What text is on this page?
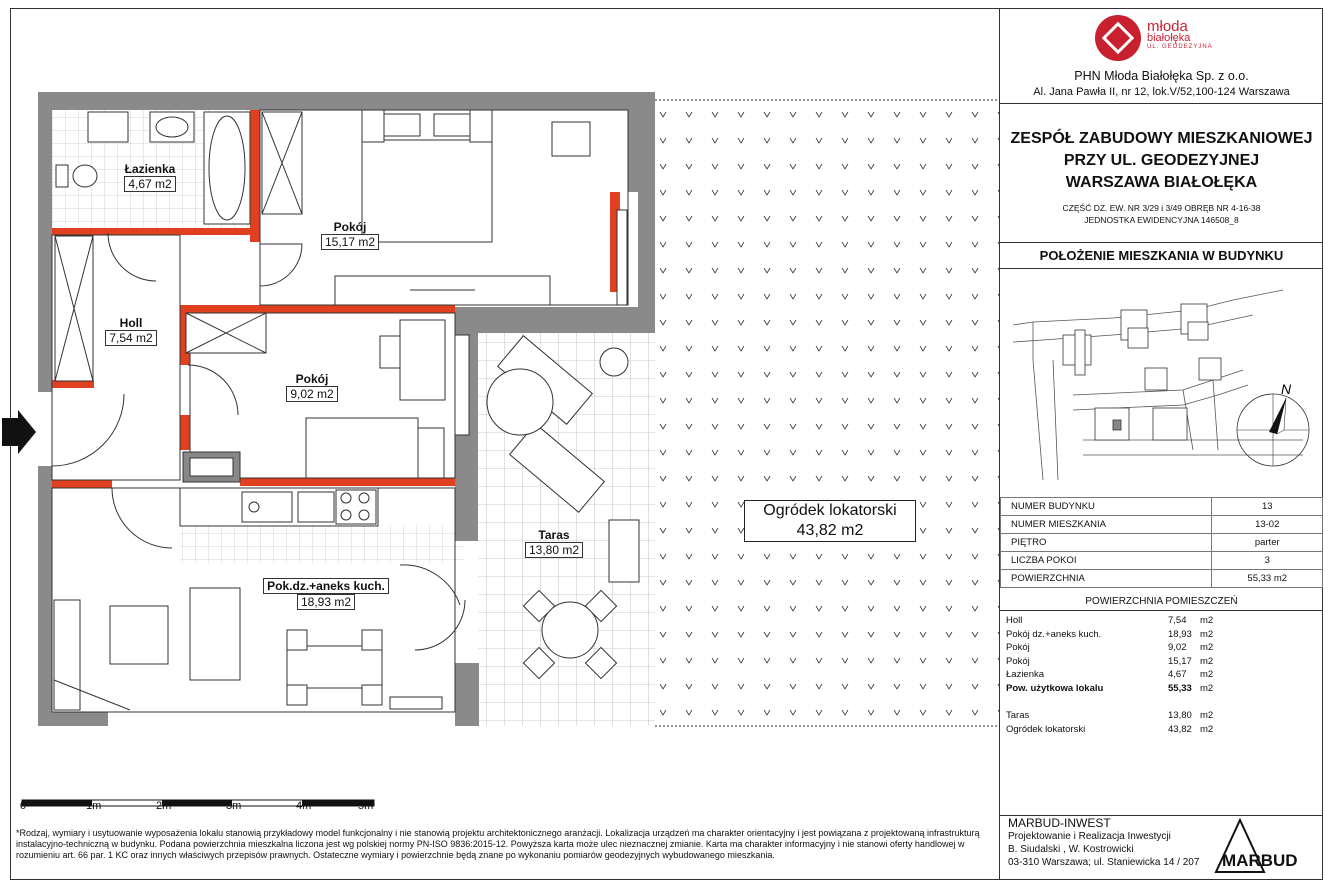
Łazienka
4,67 m2
Pokój
15,17 m2
Holl
7,54 m2
Pokój
9,02 m2
Taras
13,80 m2
Pok.dz.+aneks kuch.
18,93 m2
Ogródek lokatorski
43,82 m2
0	1m	2m	3m	4m	5m
*Rodzaj, wymiary i usytuowanie wyposażenia lokalu stanowią przykładowy model funkcjonalny i nie stanowią projektu architektonicznego aranżacji. Lokalizacja urządzeń ma charakter orientacyjny i jest powiązana z projektowaną infrastrukturą instalacyjno-techniczną w budynku. Podana powierzchnia mieszkalna liczona jest wg polskiej normy PN-ISO 9836:2015-12. Powyższa karta może ulec nieznacznej zmianie. Karta ma charakter informacyjny i nie stanowi oferty handlowej w rozumieniu art. 66 par. 1 KC oraz innych właściwych przepisów prawnych. Ostateczne wymiary i powierzchnie będą znane po wykonaniu pomiarów geodezyjnych wybudowanego mieszkania.
młoda
białołęka
UL. GEODEZYJNA
PHN Młoda Białołęka Sp. z o.o.
Al. Jana Pawła II, nr 12, lok.V/52,100-124 Warszawa
ZESPÓŁ ZABUDOWY MIESZKANIOWEJ
PRZY UL. GEODEZYJNEJ
WARSZAWA BIAŁOŁĘKA
CZĘŚĆ DZ. EW. NR 3/29 i 3/49 OBRĘB NR 4-16-38
JEDNOSTKA EWIDENCYJNA 146508_8
POŁOŻENIE MIESZKANIA W BUDYNKU
N
NUMER BUDYNKU	13
NUMER MIESZKANIA	13-02
PIĘTRO	parter
LICZBA POKOI	3
POWIERZCHNIA	55,33 m2
POWIERZCHNIA POMIESZCZEŃ
Holl	7,54 m2
Pokój dz.+aneks kuch.	18,93 m2
Pokój	9,02 m2
Pokój	15,17 m2
Łazienka	4,67 m2
Pow. użytkowa lokalu	55,33 m2
Taras	13,80 m2
Ogródek lokatorski	43,82 m2
MARBUD-INWEST
Projektowanie i Realizacja Inwestycji
B. Siudalski , W. Kostrowicki
03-310 Warszawa; ul. Staniewicka 14 / 207 MARBUD
